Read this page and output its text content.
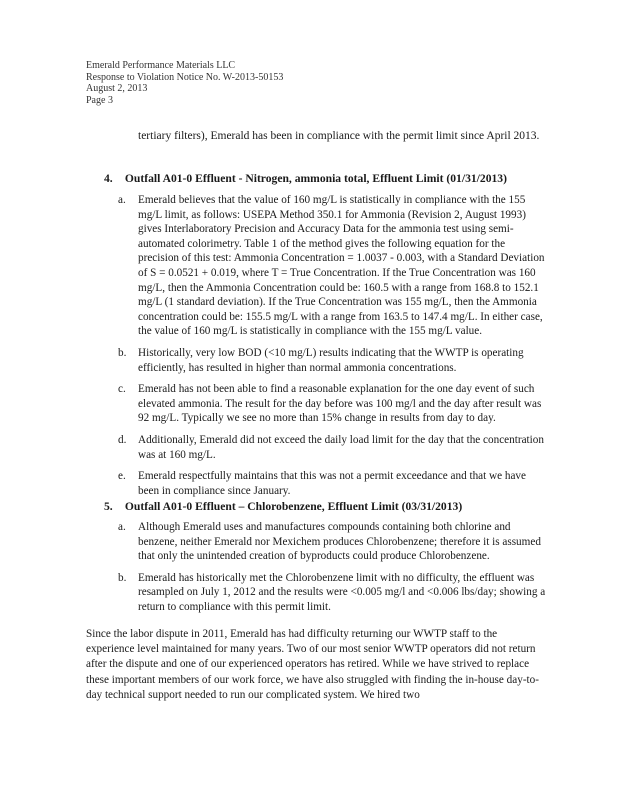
Emerald Performance Materials LLC
Response to Violation Notice No. W-2013-50153
August 2, 2013
Page 3
tertiary filters), Emerald has been in compliance with the permit limit since April 2013.
4. Outfall A01-0 Effluent - Nitrogen, ammonia total, Effluent Limit (01/31/2013)
a. Emerald believes that the value of 160 mg/L is statistically in compliance with the 155 mg/L limit, as follows: USEPA Method 350.1 for Ammonia (Revision 2, August 1993) gives Interlaboratory Precision and Accuracy Data for the ammonia test using semi-automated colorimetry. Table 1 of the method gives the following equation for the precision of this test: Ammonia Concentration = 1.0037 - 0.003, with a Standard Deviation of S = 0.0521 + 0.019, where T = True Concentration. If the True Concentration was 160 mg/L, then the Ammonia Concentration could be: 160.5 with a range from 168.8 to 152.1 mg/L (1 standard deviation). If the True Concentration was 155 mg/L, then the Ammonia concentration could be: 155.5 mg/L with a range from 163.5 to 147.4 mg/L. In either case, the value of 160 mg/L is statistically in compliance with the 155 mg/L value.
b. Historically, very low BOD (<10 mg/L) results indicating that the WWTP is operating efficiently, has resulted in higher than normal ammonia concentrations.
c. Emerald has not been able to find a reasonable explanation for the one day event of such elevated ammonia. The result for the day before was 100 mg/l and the day after result was 92 mg/L. Typically we see no more than 15% change in results from day to day.
d. Additionally, Emerald did not exceed the daily load limit for the day that the concentration was at 160 mg/L.
e. Emerald respectfully maintains that this was not a permit exceedance and that we have been in compliance since January.
5. Outfall A01-0 Effluent – Chlorobenzene, Effluent Limit (03/31/2013)
a. Although Emerald uses and manufactures compounds containing both chlorine and benzene, neither Emerald nor Mexichem produces Chlorobenzene; therefore it is assumed that only the unintended creation of byproducts could produce Chlorobenzene.
b. Emerald has historically met the Chlorobenzene limit with no difficulty, the effluent was resampled on July 1, 2012 and the results were <0.005 mg/l and <0.006 lbs/day; showing a return to compliance with this permit limit.
Since the labor dispute in 2011, Emerald has had difficulty returning our WWTP staff to the experience level maintained for many years. Two of our most senior WWTP operators did not return after the dispute and one of our experienced operators has retired. While we have strived to replace these important members of our work force, we have also struggled with finding the in-house day-to-day technical support needed to run our complicated system. We hired two
